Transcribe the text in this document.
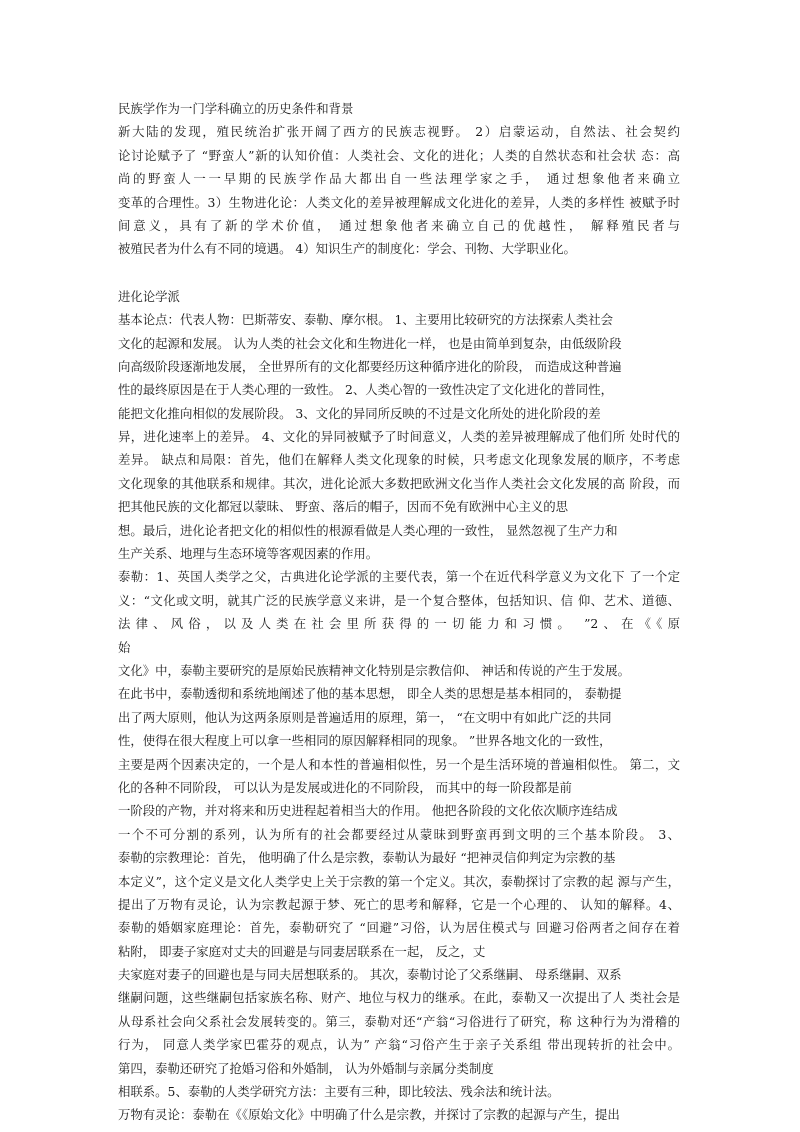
民族学作为一门学科确立的历史条件和背景
新大陆的发现，殖民统治扩张开阔了西方的民族志视野。 2）启蒙运动，自然法、社会契约
论讨论赋予了 “野蛮人”新的认知价值：人类社会、文化的进化；人类的自然状态和社会状 态：高
尚的野蛮人一一早期的民族学作品大都出自一些法理学家之手， 通过想象他者来确立
变革的合理性。3）生物进化论：人类文化的差异被理解成文化进化的差异，人类的多样性 被赋予时
间意义，具有了新的学术价值， 通过想象他者来确立自己的优越性， 解释殖民者与
被殖民者为什么有不同的境遇。 4）知识生产的制度化：学会、刊物、大学职业化。
进化论学派
基本论点：代表人物：巴斯蒂安、泰勒、摩尔根。 1、主要用比较研究的方法探索人类社会
文化的起源和发展。 认为人类的社会文化和生物进化一样， 也是由简单到复杂，由低级阶段
向高级阶段逐渐地发展， 全世界所有的文化都要经历这种循序进化的阶段， 而造成这种普遍
性的最终原因是在于人类心理的一致性。 2、人类心智的一致性决定了文化进化的普同性，
能把文化推向相似的发展阶段。 3、文化的异同所反映的不过是文化所处的进化阶段的差
异，进化速率上的差异。 4、文化的异同被赋予了时间意义，人类的差异被理解成了他们所 处时代的
差异。 缺点和局限：首先，他们在解释人类文化现象的时候，只考虑文化现象发展的顺序，不考虑
文化现象的其他联系和规律。其次，进化论派大多数把欧洲文化当作人类社会文化发展的高 阶段，而
把其他民族的文化都冠以蒙昧、 野蛮、落后的帽子，因而不免有欧洲中心主义的思
想。最后，进化论者把文化的相似性的根源看做是人类心理的一致性， 显然忽视了生产力和
生产关系、地理与生态环境等客观因素的作用。
泰勒：1、英国人类学之父，古典进化论学派的主要代表，第一个在近代科学意义为文化下 了一个定
义：“文化或文明，就其广泛的民族学意义来讲，是一个复合整体，包括知识、信 仰、艺术、道德、
法律、风俗，以及人类在社会里所获得的一切能力和习惯。 ”2、在《《原
始
文化》中，泰勒主要研究的是原始民族精神文化特别是宗教信仰、 神话和传说的产生于发展。
在此书中，泰勒透彻和系统地阐述了他的基本思想， 即全人类的思想是基本相同的， 泰勒提
出了两大原则，他认为这两条原则是普遍适用的原理，第一， “在文明中有如此广泛的共同
性，使得在很大程度上可以拿一些相同的原因解释相同的现象。 ”世界各地文化的一致性，
主要是两个因素决定的，一个是人和本性的普遍相似性，另一个是生活环境的普遍相似性。 第二，文
化的各种不同阶段， 可以认为是发展或进化的不同阶段， 而其中的每一阶段都是前
一阶段的产物，并对将来和历史进程起着相当大的作用。 他把各阶段的文化依次顺序连结成
一个不可分割的系列，认为所有的社会都要经过从蒙昧到野蛮再到文明的三个基本阶段。 3、
泰勒的宗教理论：首先， 他明确了什么是宗教，泰勒认为最好 “把神灵信仰判定为宗教的基
本定义”，这个定义是文化人类学史上关于宗教的第一个定义。其次，泰勒探讨了宗教的起 源与产生，
提出了万物有灵论，认为宗教起源于梦、死亡的思考和解释，它是一个心理的、 认知的解释。4、
泰勒的婚姻家庭理论：首先，泰勒研究了 “回避”习俗，认为居住模式与 回避习俗两者之间存在着
粘附， 即妻子家庭对丈夫的回避是与同妻居联系在一起， 反之，丈
夫家庭对妻子的回避也是与同夫居想联系的。 其次，泰勒讨论了父系继嗣、 母系继嗣、双系
继嗣问题，这些继嗣包括家族名称、财产、地位与权力的继承。在此，泰勒又一次提出了人 类社会是
从母系社会向父系社会发展转变的。第三，泰勒对还“产翁“习俗进行了研究，称 这种行为为滑稽的
行为， 同意人类学家巴霍芬的观点，认为” 产翁“习俗产生于亲子关系组 带出现转折的社会中。
第四，泰勒还研究了抢婚习俗和外婚制， 认为外婚制与亲属分类制度
相联系。5、泰勒的人类学研究方法：主要有三种，即比较法、残余法和统计法。
万物有灵论：泰勒在《《原始文化》中明确了什么是宗教，并探讨了宗教的起源与产生，提出
